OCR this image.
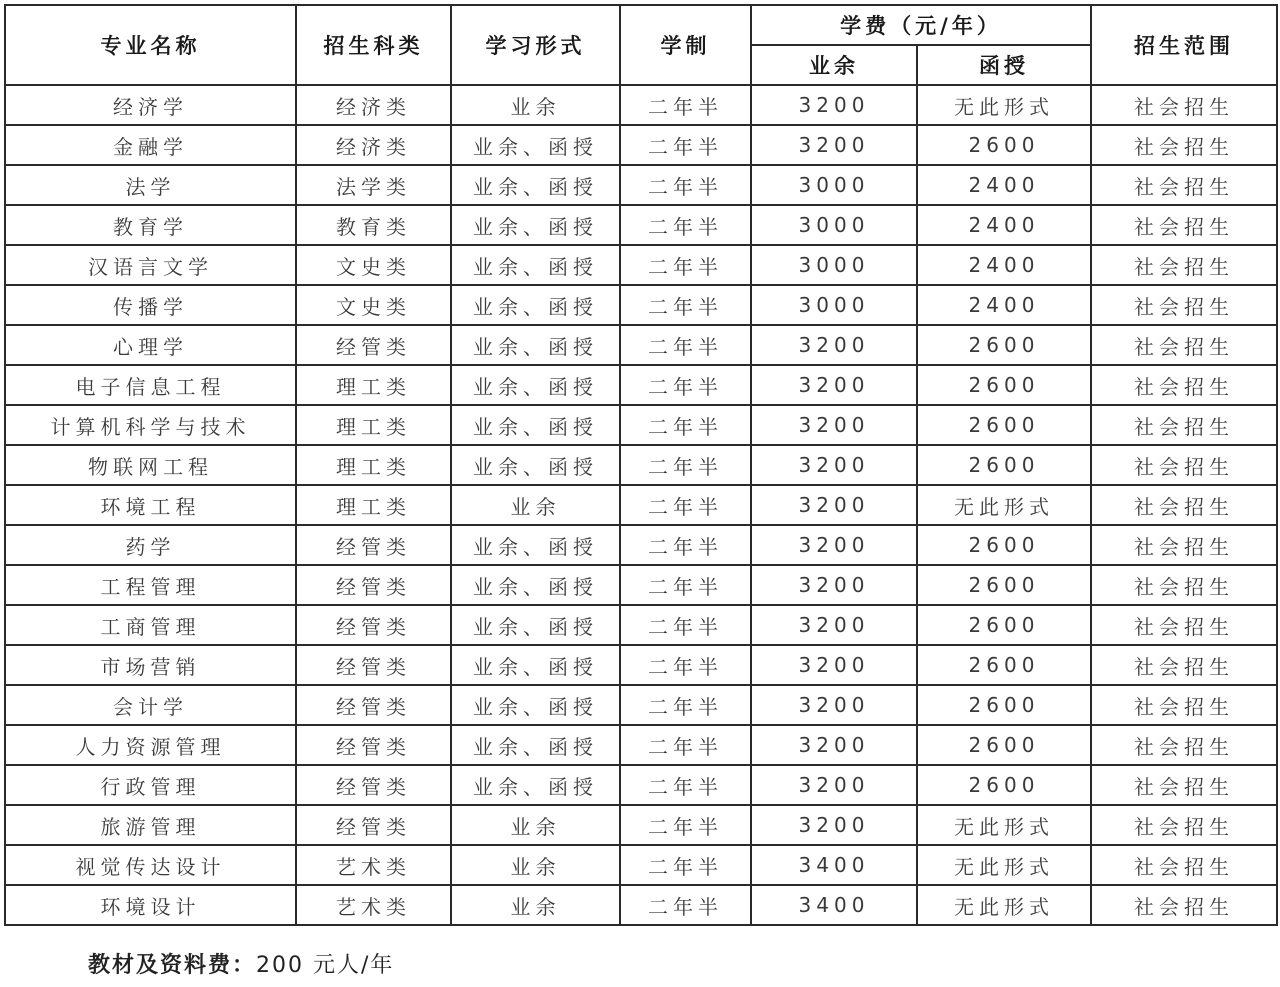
专业名称	招生科类	学习形式	学制	学费（元/年）		招生范围
				业余	函授	
经济学	经济类	业余	二年半	3200	无此形式	社会招生
金融学	经济类	业余、函授	二年半	3200	2600	社会招生
法学	法学类	业余、函授	二年半	3000	2400	社会招生
教育学	教育类	业余、函授	二年半	3000	2400	社会招生
汉语言文学	文史类	业余、函授	二年半	3000	2400	社会招生
传播学	文史类	业余、函授	二年半	3000	2400	社会招生
心理学	经管类	业余、函授	二年半	3200	2600	社会招生
电子信息工程	理工类	业余、函授	二年半	3200	2600	社会招生
计算机科学与技术	理工类	业余、函授	二年半	3200	2600	社会招生
物联网工程	理工类	业余、函授	二年半	3200	2600	社会招生
环境工程	理工类	业余	二年半	3200	无此形式	社会招生
药学	经管类	业余、函授	二年半	3200	2600	社会招生
工程管理	经管类	业余、函授	二年半	3200	2600	社会招生
工商管理	经管类	业余、函授	二年半	3200	2600	社会招生
市场营销	经管类	业余、函授	二年半	3200	2600	社会招生
会计学	经管类	业余、函授	二年半	3200	2600	社会招生
人力资源管理	经管类	业余、函授	二年半	3200	2600	社会招生
行政管理	经管类	业余、函授	二年半	3200	2600	社会招生
旅游管理	经管类	业余	二年半	3200	无此形式	社会招生
视觉传达设计	艺术类	业余	二年半	3400	无此形式	社会招生
环境设计	艺术类	业余	二年半	3400	无此形式	社会招生
教材及资料费：200 元人/年
